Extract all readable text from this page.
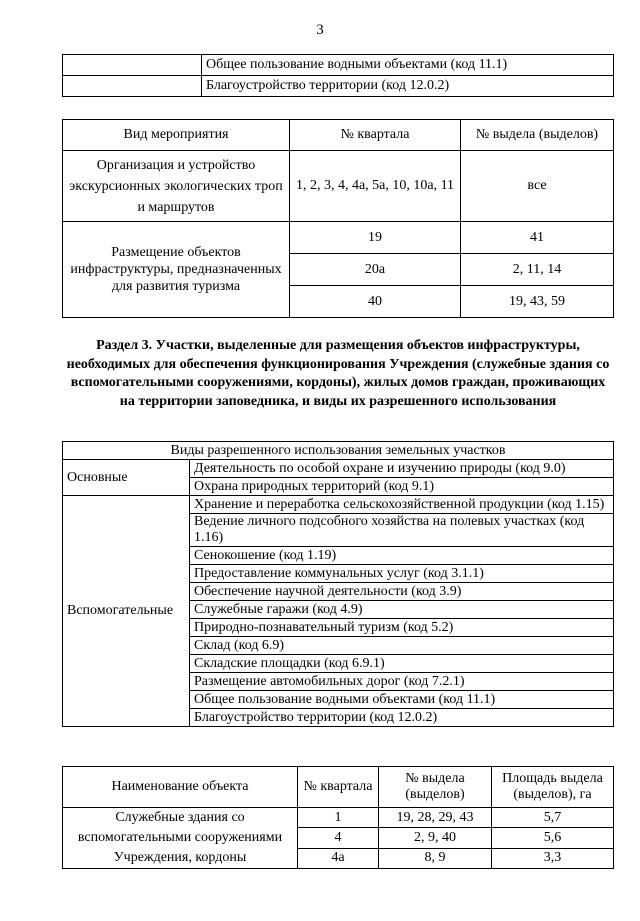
3
	Общее пользование водными объектами (код 11.1)
	Благоустройство территории (код 12.0.2)
Вид мероприятия	№ квартала	№ выдела (выделов)
Организация и устройство экскурсионных экологических троп и маршрутов	1, 2, 3, 4, 4а, 5а, 10, 10а, 11	все
Размещение объектов инфраструктуры, предназначенных для развития туризма	19	41
	20а	2, 11, 14
	40	19, 43, 59
Раздел 3. Участки, выделенные для размещения объектов инфраструктуры, необходимых для обеспечения функционирования Учреждения (служебные здания со вспомогательными сооружениями, кордоны), жилых домов граждан, проживающих на территории заповедника, и виды их разрешенного использования
Виды разрешенного использования земельных участков	
Основные	Деятельность по особой охране и изучению природы (код 9.0)
	Охрана природных территорий (код 9.1)
Вспомогательные	Хранение и переработка сельскохозяйственной продукции (код 1.15)
	Ведение личного подсобного хозяйства на полевых участках (код 1.16)
	Сенокошение (код 1.19)
	Предоставление коммунальных услуг (код 3.1.1)
	Обеспечение научной деятельности (код 3.9)
	Служебные гаражи (код 4.9)
	Природно-познавательный туризм (код 5.2)
	Склад (код 6.9)
	Складские площадки (код 6.9.1)
	Размещение автомобильных дорог (код 7.2.1)
	Общее пользование водными объектами (код 11.1)
	Благоустройство территории (код 12.0.2)
Наименование объекта	№ квартала	№ выдела (выделов)	Площадь выдела (выделов), га
Служебные здания со вспомогательными сооружениями Учреждения, кордоны	1	19, 28, 29, 43	5,7
	4	2, 9, 40	5,6
	4а	8, 9	3,3
